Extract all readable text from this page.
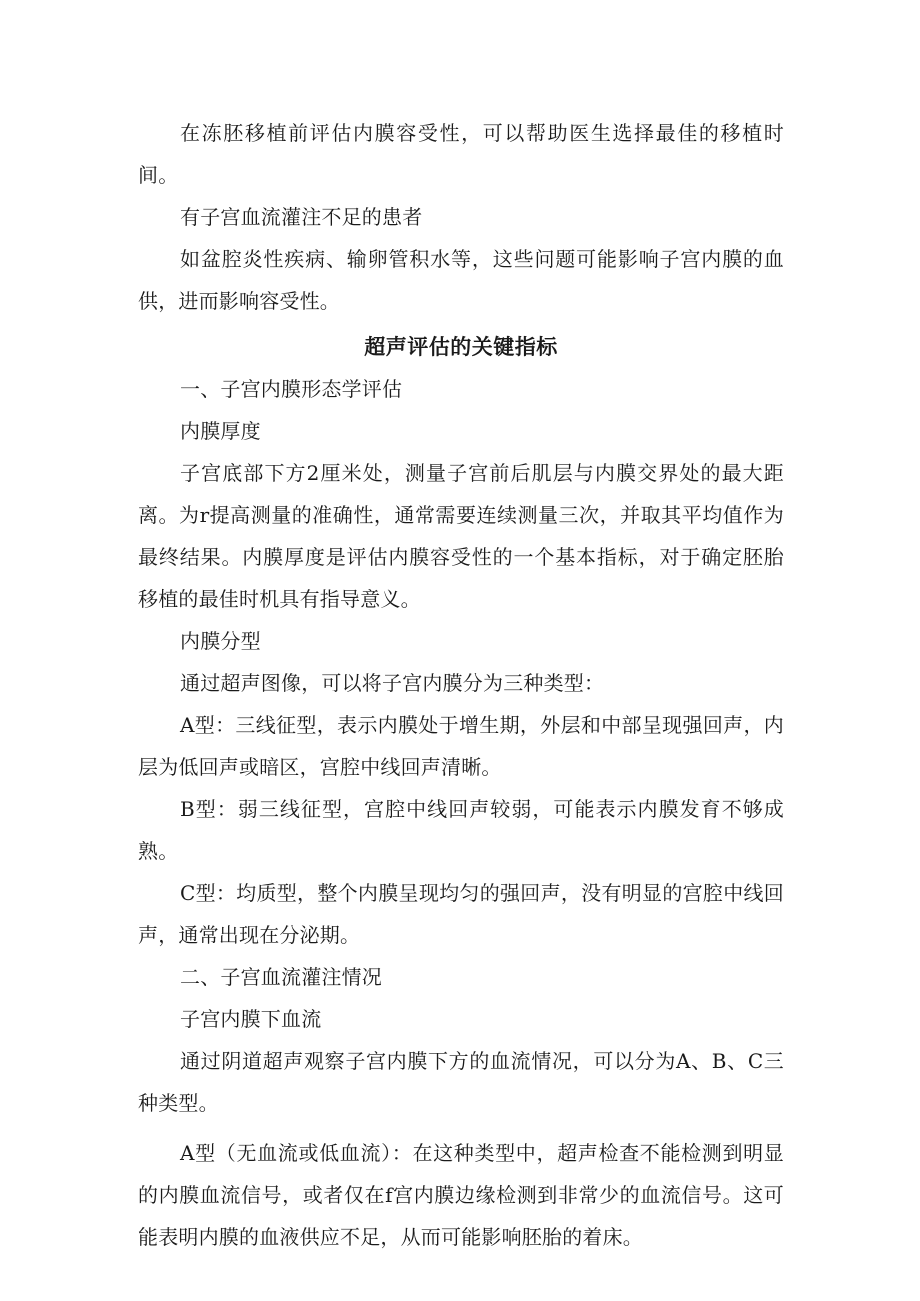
在冻胚移植前评估内膜容受性，可以帮助医生选择最佳的移植时间。

有子宫血流灌注不足的患者

如盆腔炎性疾病、输卵管积水等，这些问题可能影响子宫内膜的血供，进而影响容受性。

超声评估的关键指标

一、子宫内膜形态学评估

内膜厚度

子宫底部下方2厘米处，测量子宫前后肌层与内膜交界处的最大距离。为r提高测量的准确性，通常需要连续测量三次，并取其平均值作为最终结果。内膜厚度是评估内膜容受性的一个基本指标，对于确定胚胎移植的最佳时机具有指导意义。

内膜分型

通过超声图像，可以将子宫内膜分为三种类型：

A型：三线征型，表示内膜处于增生期，外层和中部呈现强回声，内层为低回声或暗区，宫腔中线回声清晰。

B型：弱三线征型，宫腔中线回声较弱，可能表示内膜发育不够成熟。

C型：均质型，整个内膜呈现均匀的强回声，没有明显的宫腔中线回声，通常出现在分泌期。

二、子宫血流灌注情况

子宫内膜下血流

通过阴道超声观察子宫内膜下方的血流情况，可以分为A、B、C三种类型。

A型（无血流或低血流）：在这种类型中，超声检查不能检测到明显的内膜血流信号，或者仅在f宫内膜边缘检测到非常少的血流信号。这可能表明内膜的血液供应不足，从而可能影响胚胎的着床。
